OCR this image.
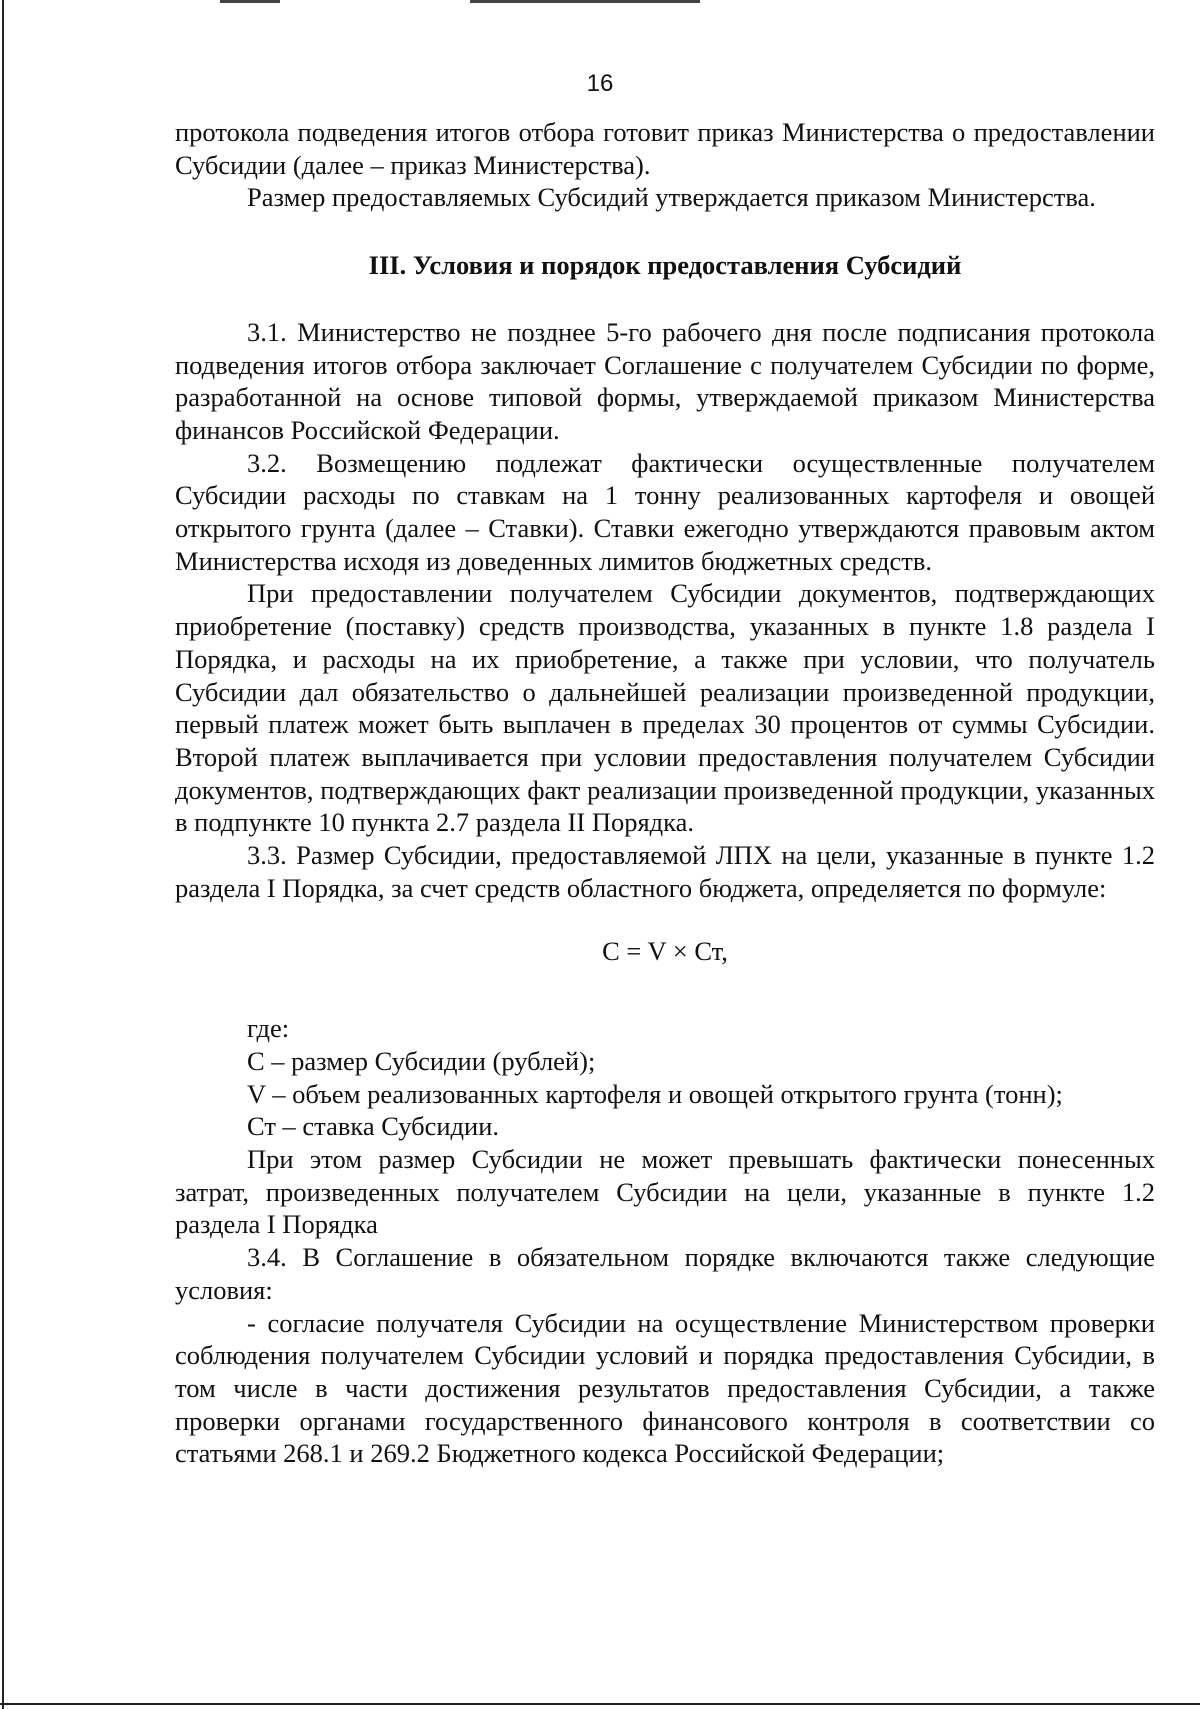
16

протокола подведения итогов отбора готовит приказ Министерства о предоставлении Субсидии (далее – приказ Министерства).

Размер предоставляемых Субсидий утверждается приказом Министерства.

III. Условия и порядок предоставления Субсидий

3.1. Министерство не позднее 5-го рабочего дня после подписания протокола подведения итогов отбора заключает Соглашение с получателем Субсидии по форме, разработанной на основе типовой формы, утверждаемой приказом Министерства финансов Российской Федерации.

3.2. Возмещению подлежат фактически осуществленные получателем Субсидии расходы по ставкам на 1 тонну реализованных картофеля и овощей открытого грунта (далее – Ставки). Ставки ежегодно утверждаются правовым актом Министерства исходя из доведенных лимитов бюджетных средств.

При предоставлении получателем Субсидии документов, подтверждающих приобретение (поставку) средств производства, указанных в пункте 1.8 раздела I Порядка, и расходы на их приобретение, а также при условии, что получатель Субсидии дал обязательство о дальнейшей реализации произведенной продукции, первый платеж может быть выплачен в пределах 30 процентов от суммы Субсидии. Второй платеж выплачивается при условии предоставления получателем Субсидии документов, подтверждающих факт реализации произведенной продукции, указанных в подпункте 10 пункта 2.7 раздела II Порядка.

3.3. Размер Субсидии, предоставляемой ЛПХ на цели, указанные в пункте 1.2 раздела I Порядка, за счет средств областного бюджета, определяется по формуле:

C = V × Ст,

где:

C – размер Субсидии (рублей);

V – объем реализованных картофеля и овощей открытого грунта (тонн);

Ст – ставка Субсидии.

При этом размер Субсидии не может превышать фактически понесенных затрат, произведенных получателем Субсидии на цели, указанные в пункте 1.2 раздела I Порядка

3.4. В Соглашение в обязательном порядке включаются также следующие условия:

- согласие получателя Субсидии на осуществление Министерством проверки соблюдения получателем Субсидии условий и порядка предоставления Субсидии, в том числе в части достижения результатов предоставления Субсидии, а также проверки органами государственного финансового контроля в соответствии со статьями 268.1 и 269.2 Бюджетного кодекса Российской Федерации;
